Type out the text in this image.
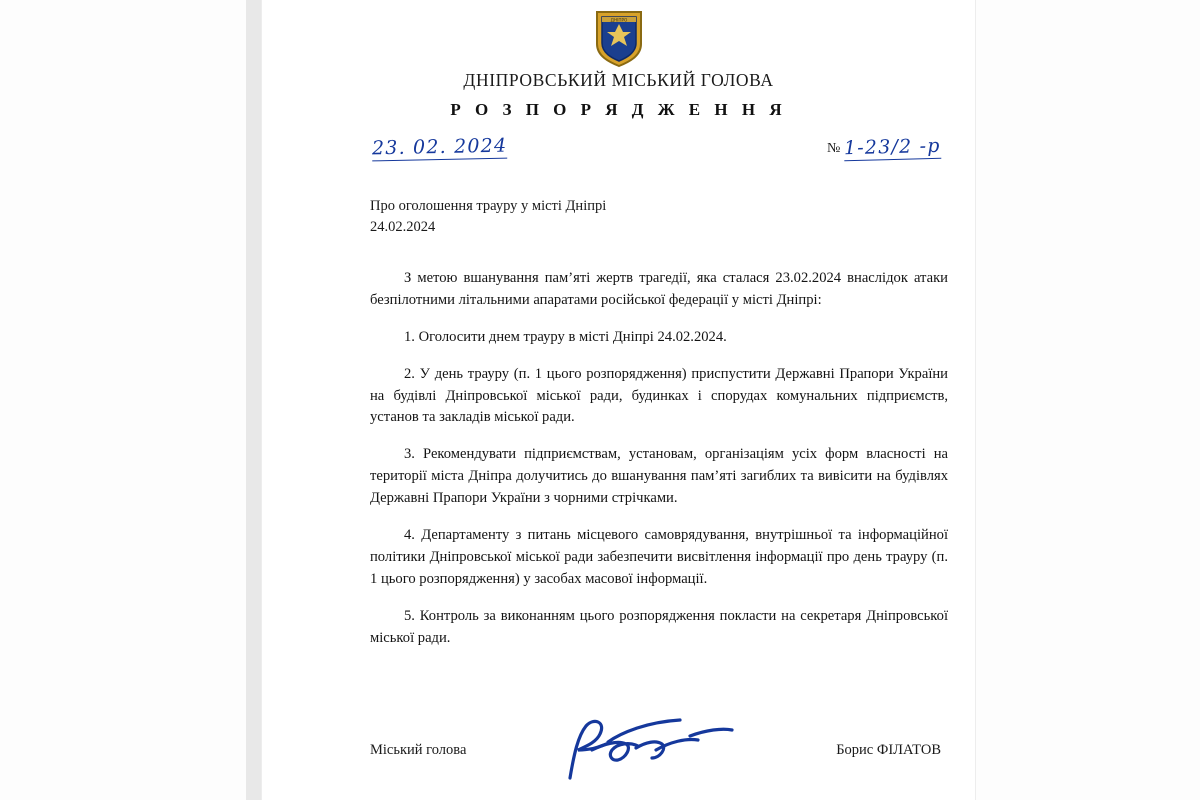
ДНІПРО
ДНІПРОВСЬКИЙ МІСЬКИЙ ГОЛОВА
Р О З П О Р Я Д Ж Е Н Н Я
23. 02. 2024	№ 1-23/2 -р
Про оголошення трауру у місті Дніпрі 24.02.2024

З метою вшанування пам’яті жертв трагедії, яка сталася 23.02.2024 внаслідок атаки безпілотними літальними апаратами російської федерації у місті Дніпрі:

1. Оголосити днем трауру в місті Дніпрі 24.02.2024.

2. У день трауру (п. 1 цього розпорядження) приспустити Державні Прапори України на будівлі Дніпровської міської ради, будинках і спорудах комунальних підприємств, установ та закладів міської ради.

3. Рекомендувати підприємствам, установам, організаціям усіх форм власності на території міста Дніпра долучитись до вшанування пам’яті загиблих та вивісити на будівлях Державні Прапори України з чорними стрічками.

4. Департаменту з питань місцевого самоврядування, внутрішньої та інформаційної політики Дніпровської міської ради забезпечити висвітлення інформації про день трауру (п. 1 цього розпорядження) у засобах масової інформації.

5. Контроль за виконанням цього розпорядження покласти на секретаря Дніпровської міської ради.

Міський голова	Борис ФІЛАТОВ
